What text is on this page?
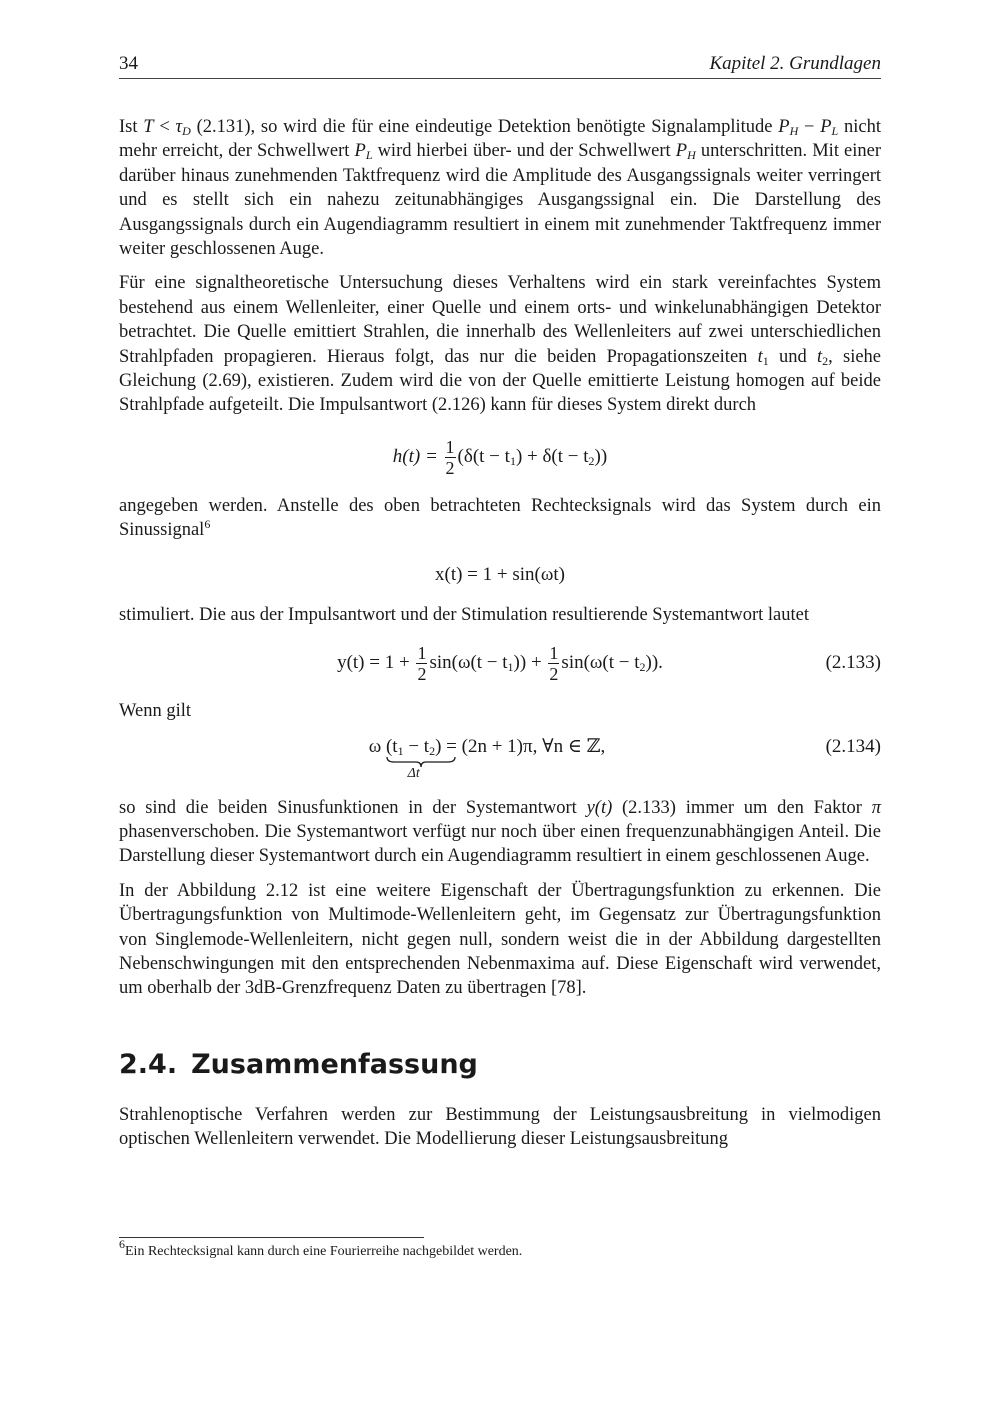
34	Kapitel 2. Grundlagen

Ist $T < \tau_D$ (2.131), so wird die für eine eindeutige Detektion benötigte Signalamplitude $P_H - P_L$ nicht mehr erreicht, der Schwellwert $P_L$ wird hierbei über- und der Schwellwert $P_H$ unterschritten. Mit einer darüber hinaus zunehmenden Taktfrequenz wird die Amplitude des Ausgangssignals weiter verringert und es stellt sich ein nahezu zeitunabhängiges Ausgangssignal ein. Die Darstellung des Ausgangssignals durch ein Augendiagramm resultiert in einem mit zunehmender Taktfrequenz immer weiter geschlossenen Auge.

Für eine signaltheoretische Untersuchung dieses Verhaltens wird ein stark vereinfachtes System bestehend aus einem Wellenleiter, einer Quelle und einem orts- und winkelunabhängigen Detektor betrachtet. Die Quelle emittiert Strahlen, die innerhalb des Wellenleiters auf zwei unterschiedlichen Strahlpfaden propagieren. Hieraus folgt, das nur die beiden Propagationszeiten $t_1$ und $t_2$, siehe Gleichung (2.69), existieren. Zudem wird die von der Quelle emittierte Leistung homogen auf beide Strahlpfade aufgeteilt. Die Impulsantwort (2.126) kann für dieses System direkt durch

$h(t) = \frac{1}{2} (\delta(t - t_1) + \delta(t - t_2))$

angegeben werden. Anstelle des oben betrachteten Rechtecksignals wird das System durch ein Sinussignal$^6$

x(t) = 1 + sin(ωt)

stimuliert. Die aus der Impulsantwort und der Stimulation resultierende Systemantwort lautet

$y(t) = 1 + \frac{1}{2} \sin(\omega(t - t_1)) + \frac{1}{2} \sin(\omega(t - t_2))$.	(2.133)

Wenn gilt

ω $(t_1 - t_2)$
Δt
= (2n + 1)π, ∀n ∈ ℤ,	(2.134)

so sind die beiden Sinusfunktionen in der Systemantwort y(t) (2.133) immer um den Faktor π phasenverschoben. Die Systemantwort verfügt nur noch über einen frequenzunabhängigen Anteil. Die Darstellung dieser Systemantwort durch ein Augendiagramm resultiert in einem geschlossenen Auge.

In der Abbildung 2.12 ist eine weitere Eigenschaft der Übertragungsfunktion zu erkennen. Die Übertragungsfunktion von Multimode-Wellenleitern geht, im Gegensatz zur Übertragungsfunktion von Singlemode-Wellenleitern, nicht gegen null, sondern weist die in der Abbildung dargestellten Nebenschwingungen mit den entsprechenden Nebenmaxima auf. Diese Eigenschaft wird verwendet, um oberhalb der 3dB-Grenzfrequenz Daten zu übertragen [78].

2.4. Zusammenfassung

Strahlenoptische Verfahren werden zur Bestimmung der Leistungsausbreitung in vielmodigen optischen Wellenleitern verwendet. Die Modellierung dieser Leistungsausbreitung

$^6$Ein Rechtecksignal kann durch eine Fourierreihe nachgebildet werden.
